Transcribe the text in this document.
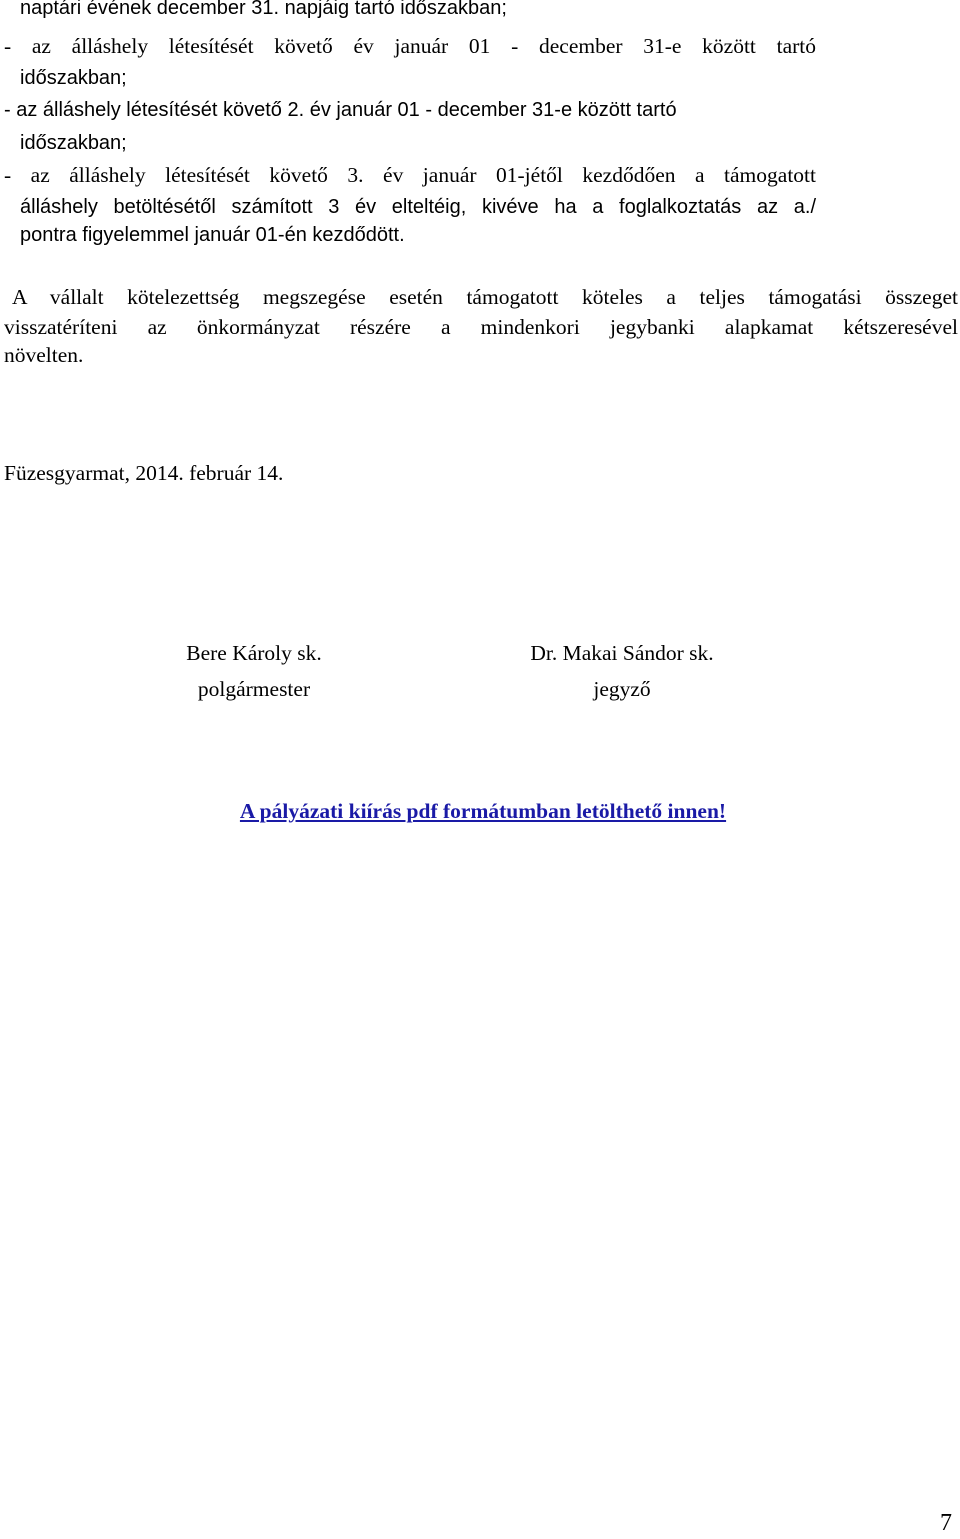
naptári évének december 31. napjáig tartó időszakban;
- az álláshely létesítését követő év január 01 - december 31-e között tartó
időszakban;
- az álláshely létesítését követő 2. év január 01 - december 31-e között tartó
időszakban;
- az álláshely létesítését követő 3. év január 01-jétől kezdődően a támogatott
álláshely betöltésétől számított 3 év elteltéig, kivéve ha a foglalkoztatás az a./
pontra figyelemmel január 01-én kezdődött.
A vállalt kötelezettség megszegése esetén támogatott köteles a teljes támogatási összeget
visszatéríteni az önkormányzat részére a mindenkori jegybanki alapkamat kétszeresével
növelten.
Füzesgyarmat, 2014. február 14.
Bere Károly sk.
polgármester
Dr. Makai Sándor sk.
jegyző
A pályázati kiírás pdf formátumban letölthető innen!
7
